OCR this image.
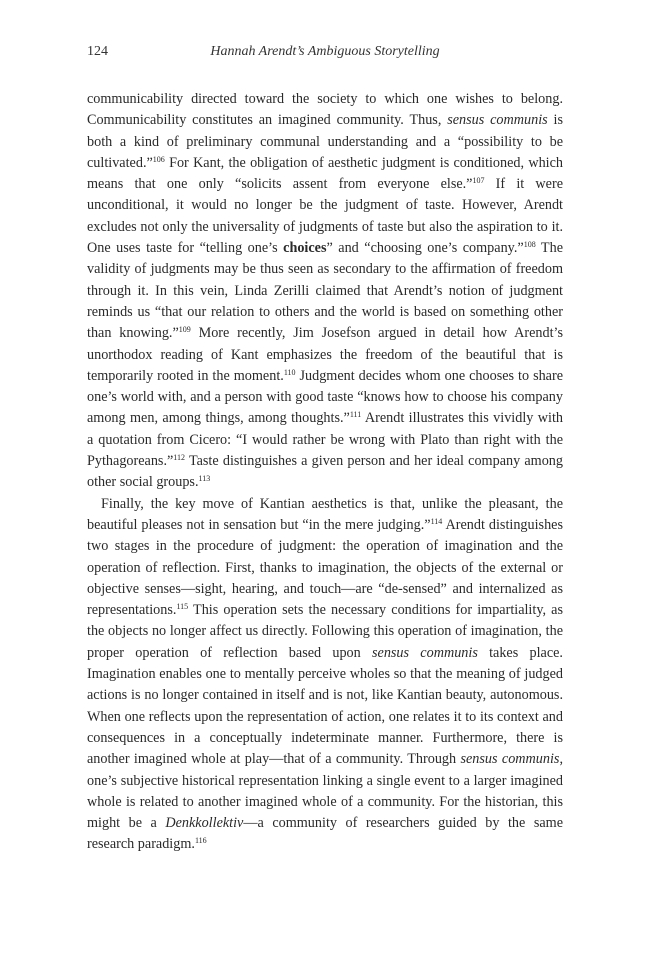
124	Hannah Arendt’s Ambiguous Storytelling

communicability directed toward the society to which one wishes to belong. Communicability constitutes an imagined community. Thus, sensus communis is both a kind of preliminary communal understanding and a “possibility to be cultivated.”$^{106}$ For Kant, the obligation of aesthetic judgment is conditioned, which means that one only “solicits assent from everyone else.”$^{107}$ If it were unconditional, it would no longer be the judgment of taste. However, Arendt excludes not only the universality of judgments of taste but also the aspiration to it. One uses taste for “telling one’s choices” and “choosing one’s company.”$^{108}$ The validity of judgments may be thus seen as secondary to the affirmation of freedom through it. In this vein, Linda Zerilli claimed that Arendt’s notion of judgment reminds us “that our relation to others and the world is based on something other than knowing.”$^{109}$ More recently, Jim Josefson argued in detail how Arendt’s unorthodox reading of Kant emphasizes the freedom of the beautiful that is temporarily rooted in the moment.$^{110}$ Judgment decides whom one chooses to share one’s world with, and a person with good taste “knows how to choose his company among men, among things, among thoughts.”$^{111}$ Arendt illustrates this vividly with a quotation from Cicero: “I would rather be wrong with Plato than right with the Pythagoreans.”$^{112}$ Taste distinguishes a given person and her ideal company among other social groups.$^{113}$

Finally, the key move of Kantian aesthetics is that, unlike the pleasant, the beautiful pleases not in sensation but “in the mere judging.”$^{114}$ Arendt distinguishes two stages in the procedure of judgment: the operation of imagination and the operation of reflection. First, thanks to imagination, the objects of the external or objective senses—sight, hearing, and touch—are “de-sensed” and internalized as representations.$^{115}$ This operation sets the necessary conditions for impartiality, as the objects no longer affect us directly. Following this operation of imagination, the proper operation of reflection based upon sensus communis takes place. Imagination enables one to mentally perceive wholes so that the meaning of judged actions is no longer contained in itself and is not, like Kantian beauty, autonomous. When one reflects upon the representation of action, one relates it to its context and consequences in a conceptually indeterminate manner. Furthermore, there is another imagined whole at play—that of a community. Through sensus communis, one’s subjective historical representation linking a single event to a larger imagined whole is related to another imagined whole of a community. For the historian, this might be a Denkkollektiv—a community of researchers guided by the same research paradigm.$^{116}$
